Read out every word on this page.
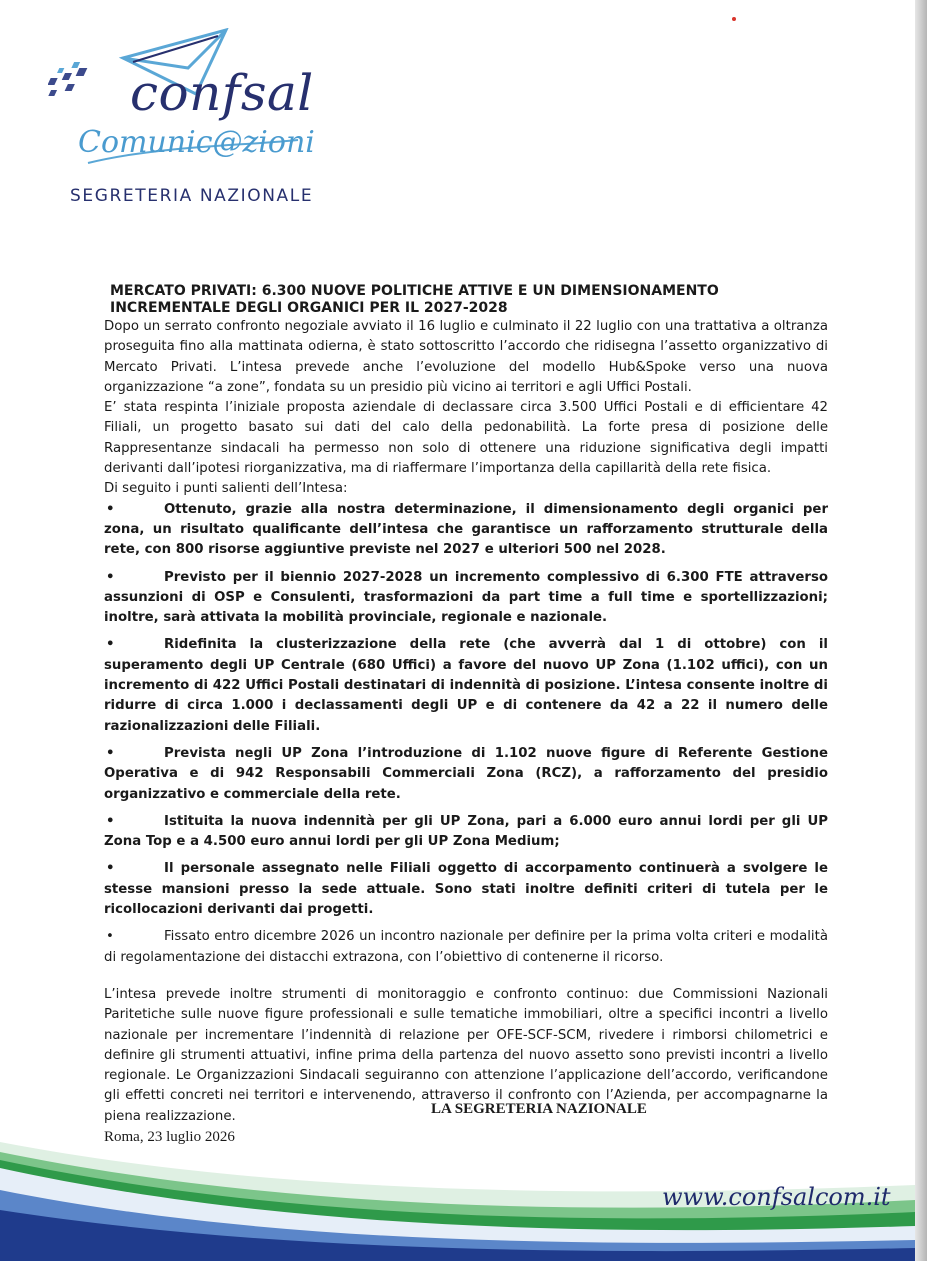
confsal

Comunic@zioni

SEGRETERIA NAZIONALE

MERCATO PRIVATI: 6.300 NUOVE POLITICHE ATTIVE E UN DIMENSIONAMENTO
INCREMENTALE DEGLI ORGANICI PER IL 2027-2028

Dopo un serrato confronto negoziale avviato il 16 luglio e culminato il 22 luglio con una trattativa a oltranza proseguita fino alla mattinata odierna, è stato sottoscritto l’accordo che ridisegna l’assetto organizzativo di Mercato Privati. L’intesa prevede anche l’evoluzione del modello Hub&Spoke verso una nuova organizzazione “a zone”, fondata su un presidio più vicino ai territori e agli Uffici Postali.

E’ stata respinta l’iniziale proposta aziendale di declassare circa 3.500 Uffici Postali e di efficientare 42 Filiali, un progetto basato sui dati del calo della pedonabilità. La forte presa di posizione delle Rappresentanze sindacali ha permesso non solo di ottenere una riduzione significativa degli impatti derivanti dall’ipotesi riorganizzativa, ma di riaffermare l’importanza della capillarità della rete fisica.

Di seguito i punti salienti dell’Intesa:

•	Ottenuto, grazie alla nostra determinazione, il dimensionamento degli organici per zona, un risultato qualificante dell’intesa che garantisce un rafforzamento strutturale della rete, con 800 risorse aggiuntive previste nel 2027 e ulteriori 500 nel 2028.

•	Previsto per il biennio 2027-2028 un incremento complessivo di 6.300 FTE attraverso assunzioni di OSP e Consulenti, trasformazioni da part time a full time e sportellizzazioni; inoltre, sarà attivata la mobilità provinciale, regionale e nazionale.

•	Ridefinita la clusterizzazione della rete (che avverrà dal 1 di ottobre) con il superamento degli UP Centrale (680 Uffici) a favore del nuovo UP Zona (1.102 uffici), con un incremento di 422 Uffici Postali destinatari di indennità di posizione. L’intesa consente inoltre di ridurre di circa 1.000 i declassamenti degli UP e di contenere da 42 a 22 il numero delle razionalizzazioni delle Filiali.

•	Prevista negli UP Zona l’introduzione di 1.102 nuove figure di Referente Gestione Operativa e di 942 Responsabili Commerciali Zona (RCZ), a rafforzamento del presidio organizzativo e commerciale della rete.

•	Istituita la nuova indennità per gli UP Zona, pari a 6.000 euro annui lordi per gli UP Zona Top e a 4.500 euro annui lordi per gli UP Zona Medium;

•	Il personale assegnato nelle Filiali oggetto di accorpamento continuerà a svolgere le stesse mansioni presso la sede attuale. Sono stati inoltre definiti criteri di tutela per le ricollocazioni derivanti dai progetti.

•	Fissato entro dicembre 2026 un incontro nazionale per definire per la prima volta criteri e modalità di regolamentazione dei distacchi extrazona, con l’obiettivo di contenerne il ricorso.

L’intesa prevede inoltre strumenti di monitoraggio e confronto continuo: due Commissioni Nazionali Paritetiche sulle nuove figure professionali e sulle tematiche immobiliari, oltre a specifici incontri a livello nazionale per incrementare l’indennità di relazione per OFE-SCF-SCM, rivedere i rimborsi chilometrici e definire gli strumenti attuativi, infine prima della partenza del nuovo assetto sono previsti incontri a livello regionale. Le Organizzazioni Sindacali seguiranno con attenzione l’applicazione dell’accordo, verificandone gli effetti concreti nei territori e intervenendo, attraverso il confronto con l’Azienda, per accompagnarne la piena realizzazione.

Roma, 23 luglio 2026

LA SEGRETERIA NAZIONALE

www.confsalcom.it
